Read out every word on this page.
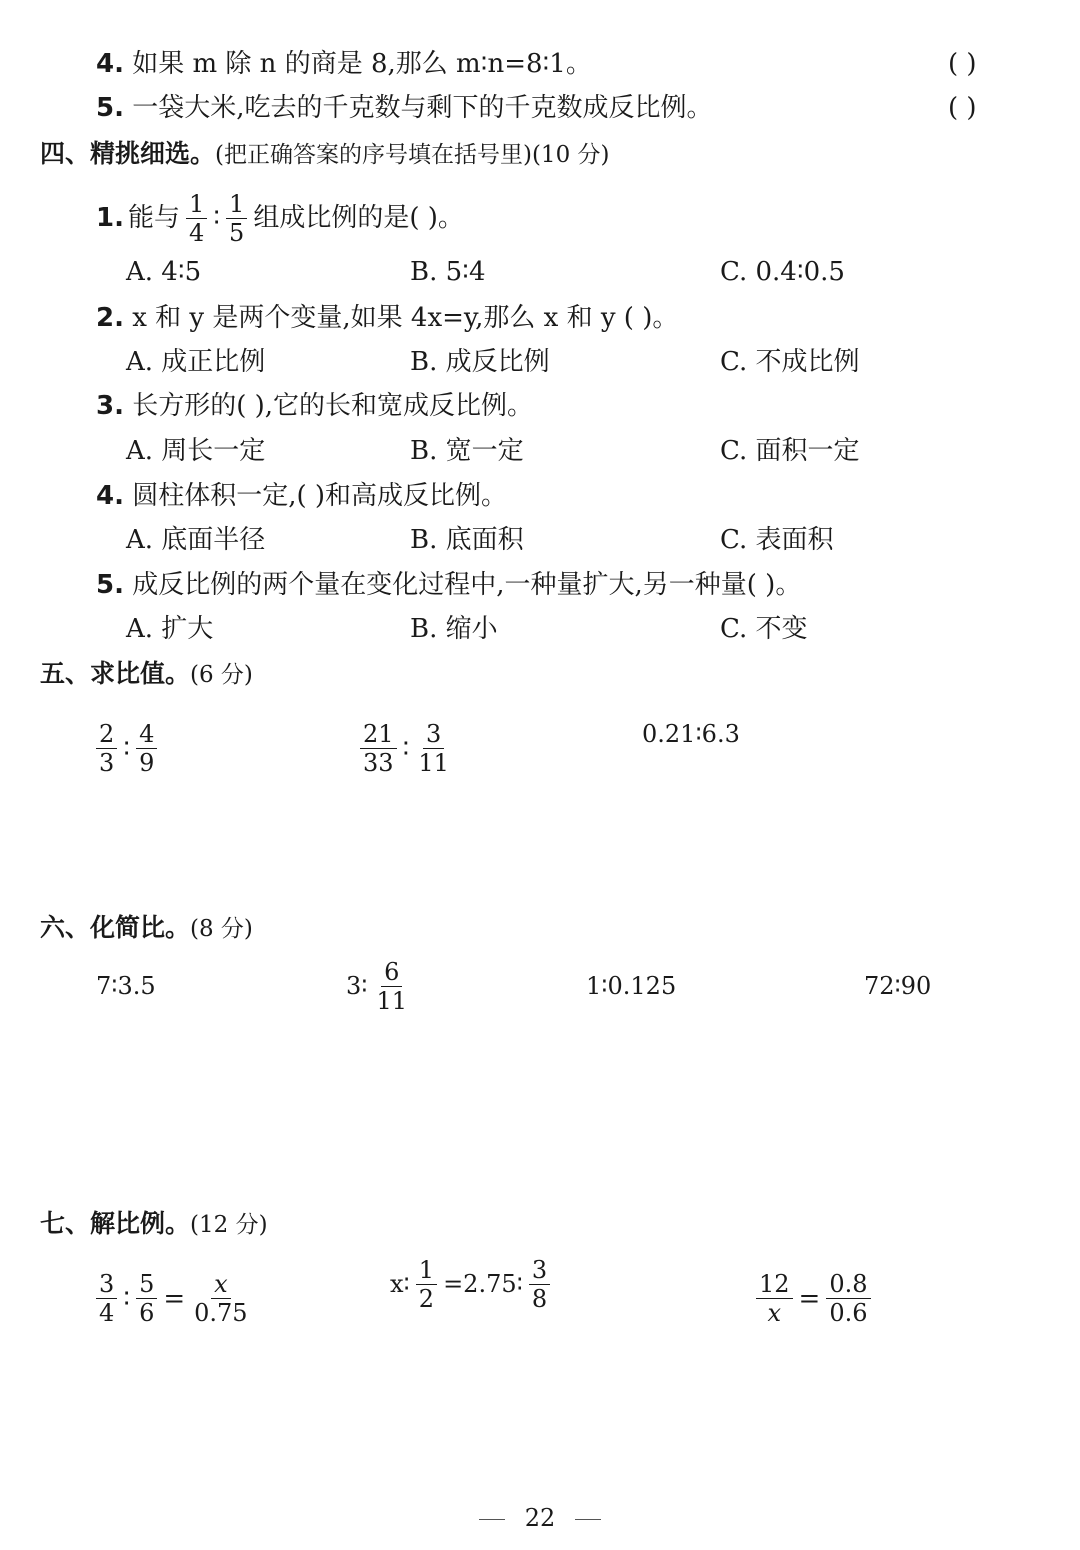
4. 如果 m 除 n 的商是 8,那么 m∶n=8∶1。	( )
5. 一袋大米,吃去的千克数与剩下的千克数成反比例。	( )
四、精挑细选。(把正确答案的序号填在括号里)(10 分)
1. 能与 $\frac{1}{4}$ ∶ $\frac{1}{5}$ 组成比例的是( )。
A. 4∶5	B. 5∶4	C. 0.4∶0.5
2. x 和 y 是两个变量,如果 4x=y,那么 x 和 y ( )。
A. 成正比例	B. 成反比例	C. 不成比例
3. 长方形的( ),它的长和宽成反比例。
A. 周长一定	B. 宽一定	C. 面积一定
4. 圆柱体积一定,( )和高成反比例。
A. 底面半径	B. 底面积	C. 表面积
5. 成反比例的两个量在变化过程中,一种量扩大,另一种量( )。
A. 扩大	B. 缩小	C. 不变
五、求比值。(6 分)
$\frac{2}{3}$ ∶ $\frac{4}{9}$	$\frac{21}{33}$ ∶ $\frac{3}{11}$	0.21∶6.3
六、化简比。(8 分)
7∶3.5	3∶ $\frac{6}{11}$	1∶0.125	72∶90
七、解比例。(12 分)
$\frac{3}{4}$ ∶ $\frac{5}{6} = \frac{x}{0.75}$	x∶ $\frac{1}{2}$ =2.75∶ $\frac{3}{8}$	$\frac{12}{x} = \frac{0.8}{0.6}$
22
